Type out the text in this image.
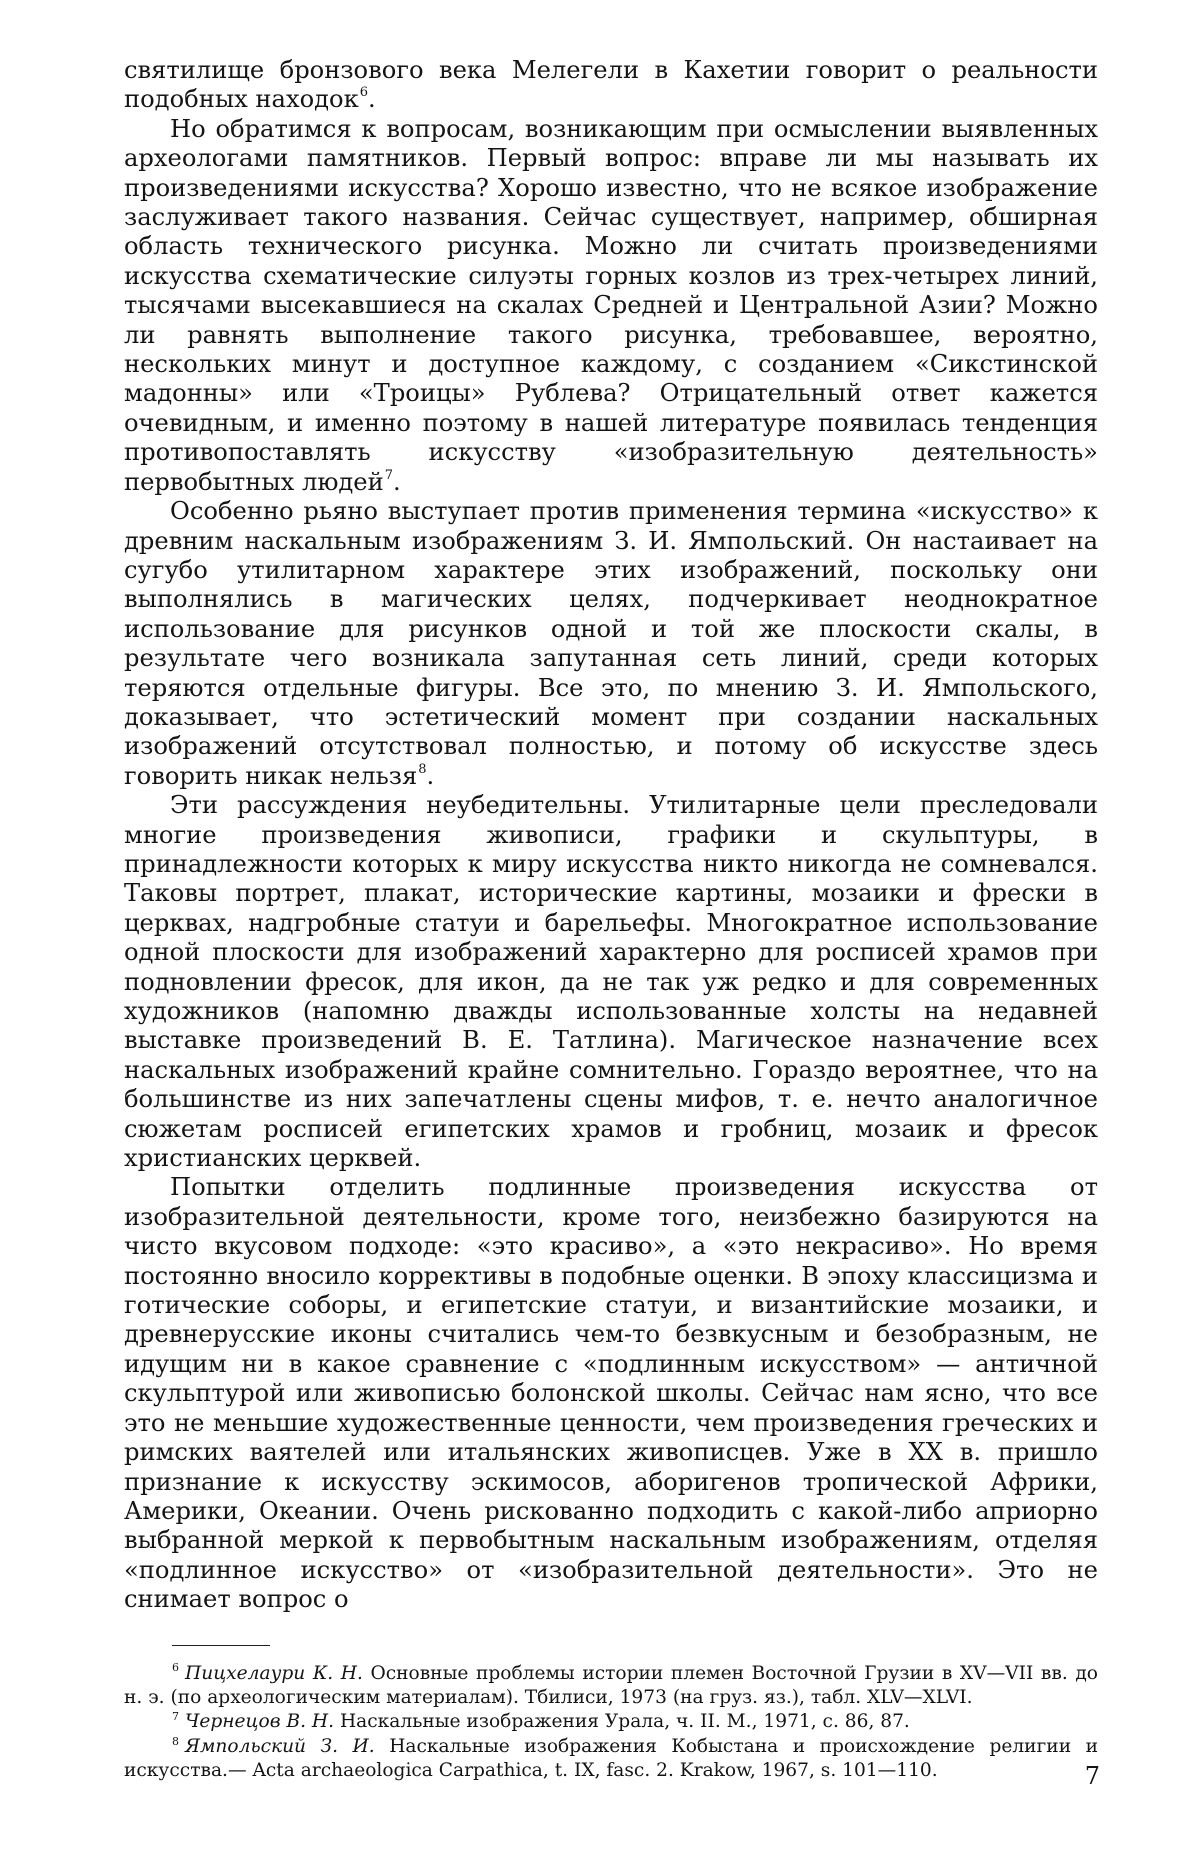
святилище бронзового века Мелегели в Кахетии говорит о реальности подобных находок$^6$.

Но обратимся к вопросам, возникающим при осмыслении выявленных археологами памятников. Первый вопрос: вправе ли мы называть их произведениями искусства? Хорошо известно, что не всякое изображение заслуживает такого названия. Сейчас существует, например, обширная область технического рисунка. Можно ли считать произведениями искусства схематические силуэты горных козлов из трех-четырех линий, тысячами высекавшиеся на скалах Средней и Центральной Азии? Можно ли равнять выполнение такого рисунка, требовавшее, вероятно, нескольких минут и доступное каждому, с созданием «Сикстинской мадонны» или «Троицы» Рублева? Отрицательный ответ кажется очевидным, и именно поэтому в нашей литературе появилась тенденция противопоставлять искусству «изобразительную деятельность» первобытных людей$^7$.

Особенно рьяно выступает против применения термина «искусство» к древним наскальным изображениям З. И. Ямпольский. Он настаивает на сугубо утилитарном характере этих изображений, поскольку они выполнялись в магических целях, подчеркивает неоднократное использование для рисунков одной и той же плоскости скалы, в результате чего возникала запутанная сеть линий, среди которых теряются отдельные фигуры. Все это, по мнению З. И. Ямпольского, доказывает, что эстетический момент при создании наскальных изображений отсутствовал полностью, и потому об искусстве здесь говорить никак нельзя$^8$.

Эти рассуждения неубедительны. Утилитарные цели преследовали многие произведения живописи, графики и скульптуры, в принадлежности которых к миру искусства никто никогда не сомневался. Таковы портрет, плакат, исторические картины, мозаики и фрески в церквах, надгробные статуи и барельефы. Многократное использование одной плоскости для изображений характерно для росписей храмов при подновлении фресок, для икон, да не так уж редко и для современных художников (напомню дважды использованные холсты на недавней выставке произведений В. Е. Татлина). Магическое назначение всех наскальных изображений крайне сомнительно. Гораздо вероятнее, что на большинстве из них запечатлены сцены мифов, т. е. нечто аналогичное сюжетам росписей египетских храмов и гробниц, мозаик и фресок христианских церквей.

Попытки отделить подлинные произведения искусства от изобразительной деятельности, кроме того, неизбежно базируются на чисто вкусовом подходе: «это красиво», а «это некрасиво». Но время постоянно вносило коррективы в подобные оценки. В эпоху классицизма и готические соборы, и египетские статуи, и византийские мозаики, и древнерусские иконы считались чем-то безвкусным и безобразным, не идущим ни в какое сравнение с «подлинным искусством» — античной скульптурой или живописью болонской школы. Сейчас нам ясно, что все это не меньшие художественные ценности, чем произведения греческих и римских ваятелей или итальянских живописцев. Уже в XX в. пришло признание к искусству эскимосов, аборигенов тропической Африки, Америки, Океании. Очень рискованно подходить с какой-либо априорно выбранной меркой к первобытным наскальным изображениям, отделяя «подлинное искусство» от «изобразительной деятельности». Это не снимает вопрос о

$^6$ Пицхелаури К. Н. Основные проблемы истории племен Восточной Грузии в XV—VII вв. до н. э. (по археологическим материалам). Тбилиси, 1973 (на груз. яз.), табл. XLV—XLVI.

$^7$ Чернецов В. Н. Наскальные изображения Урала, ч. II. М., 1971, с. 86, 87.

$^8$ Ямпольский З. И. Наскальные изображения Кобыстана и происхождение религии и искусства.— Acta archaeologica Carpathica, t. IX, fasc. 2. Krakow, 1967, s. 101—110.	7
